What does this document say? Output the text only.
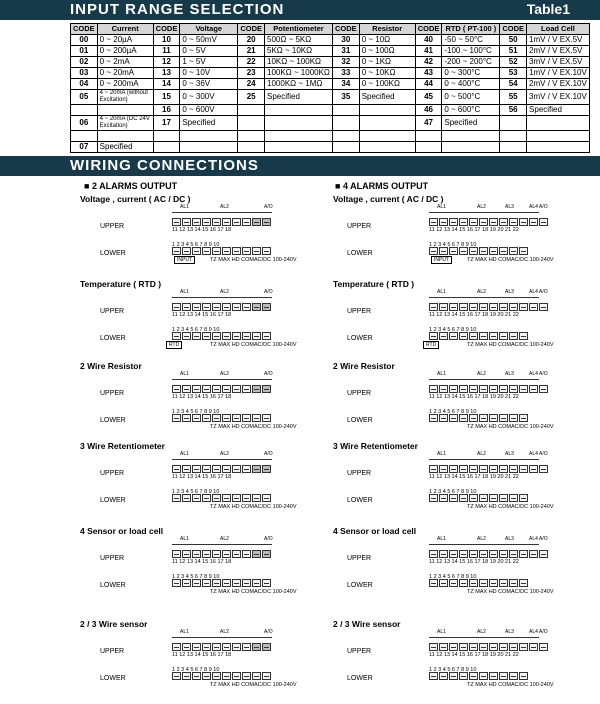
INPUT RANGE SELECTION	Table1
CODE	Current	CODE	Voltage	CODE	Potentiometer	CODE	Resistor	CODE	RTD ( PT-100 )	CODE	Load Cell
00	0 ~ 20µA	10	0 ~ 50mV	20	500Ω ~ 5KΩ	30	0 ~ 10Ω	40	-50 ~ 50°C	50	1mV / V EX.5V
01	0 ~ 200µA	11	0 ~ 5V	21	5KΩ ~ 10KΩ	31	0 ~ 100Ω	41	-100 ~ 100°C	51	2mV / V EX.5V
02	0 ~ 2mA	12	1 ~ 5V	22	10KΩ ~ 100KΩ	32	0 ~ 1KΩ	42	-200 ~ 200°C	52	3mV / V EX.5V
03	0 ~ 20mA	13	0 ~ 10V	23	100KΩ ~ 1000KΩ	33	0 ~ 10KΩ	43	0 ~ 300°C	53	1mV / V EX.10V
04	0 ~ 200mA	14	0 ~ 36V	24	1000KΩ ~ 1MΩ	34	0 ~ 100KΩ	44	0 ~ 400°C	54	2mV / V EX.10V
05	4 ~ 20mA (without Excitation)	15	0 ~ 300V	25	Specified	35	Specified	45	0 ~ 500°C	55	3mV / V EX.10V
		16	0 ~ 600V					46	0 ~ 600°C	56	Specified
06	4 ~ 20mA (DC 24V Excitation)	17	Specified					47	Specified		

07	Specified										
WIRING CONNECTIONS
■ 2 ALARMS OUTPUT	■ 4 ALARMS OUTPUT
Voltage , current ( AC / DC )
UPPER
LOWER
AL1	AL2	A/O
11 12 13 14 15 16 17 18
1 2 3 4 5 6 7 8 9 10
TZ MAX HD COM AC/DC 100-240V
INPUT
Temperature ( RTD )
UPPER
LOWER
AL1	AL2	A/O
11 12 13 14 15 16 17 18
1 2 3 4 5 6 7 8 9 10
TZ MAX HD COM AC/DC 100-240V
RTD
2 Wire Resistor
UPPER
LOWER
AL1	AL2	A/O
11 12 13 14 15 16 17 18
1 2 3 4 5 6 7 8 9 10
TZ MAX HD COM AC/DC 100-240V
3 Wire Retentiometer
UPPER
LOWER
AL1	AL2	A/O
11 12 13 14 15 16 17 18
1 2 3 4 5 6 7 8 9 10
TZ MAX HD COM AC/DC 100-240V
4 Sensor or load cell
UPPER
LOWER
AL1	AL2	A/O
11 12 13 14 15 16 17 18
1 2 3 4 5 6 7 8 9 10
TZ MAX HD COM AC/DC 100-240V
2 / 3 Wire sensor
UPPER
LOWER
AL1	AL2	A/O
11 12 13 14 15 16 17 18
1 2 3 4 5 6 7 8 9 10
TZ MAX HD COM AC/DC 100-240V
Voltage , current ( AC / DC )
UPPER
LOWER
AL1	AL2	AL3	AL4 A/O
11 12 13 14 15 16 17 18 19 20 21 22
1 2 3 4 5 6 7 8 9 10
TZ MAX HD COM AC/DC 100-240V
INPUT
Temperature ( RTD )
UPPER
LOWER
AL1	AL2	AL3	AL4 A/O
11 12 13 14 15 16 17 18 19 20 21 22
1 2 3 4 5 6 7 8 9 10
TZ MAX HD COM AC/DC 100-240V
RTD
2 Wire Resistor
UPPER
LOWER
AL1	AL2	AL3	AL4 A/O
11 12 13 14 15 16 17 18 19 20 21 22
1 2 3 4 5 6 7 8 9 10
TZ MAX HD COM AC/DC 100-240V
3 Wire Retentiometer
UPPER
LOWER
AL1	AL2	AL3	AL4 A/O
11 12 13 14 15 16 17 18 19 20 21 22
1 2 3 4 5 6 7 8 9 10
TZ MAX HD COM AC/DC 100-240V
4 Sensor or load cell
UPPER
LOWER
AL1	AL2	AL3	AL4 A/O
11 12 13 14 15 16 17 18 19 20 21 22
1 2 3 4 5 6 7 8 9 10
TZ MAX HD COM AC/DC 100-240V
2 / 3 Wire sensor
UPPER
LOWER
AL1	AL2	AL3	AL4 A/O
11 12 13 14 15 16 17 18 19 20 21 22
1 2 3 4 5 6 7 8 9 10
TZ MAX HD COM AC/DC 100-240V
